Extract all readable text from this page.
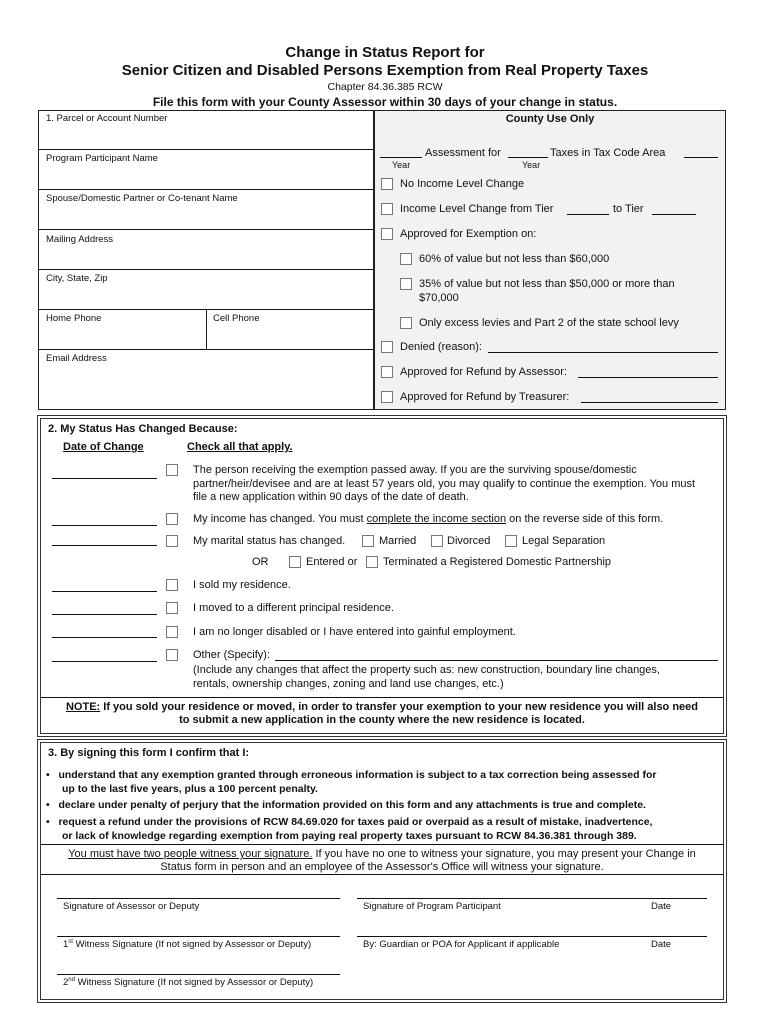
Change in Status Report for
Senior Citizen and Disabled Persons Exemption from Real Property Taxes
Chapter 84.36.385 RCW
File this form with your County Assessor within 30 days of your change in status.
1. Parcel or Account Number
Program Participant Name
Spouse/Domestic Partner or Co-tenant Name
Mailing Address
City, State, Zip
Home Phone	Cell Phone
Email Address
County Use Only
Assessment for	Taxes in Tax Code Area
Year	Year
No Income Level Change
Income Level Change from Tier	to Tier
Approved for Exemption on:
60% of value but not less than $60,000
35% of value but not less than $50,000 or more than
$70,000
Only excess levies and Part 2 of the state school levy
Denied (reason):
Approved for Refund by Assessor:
Approved for Refund by Treasurer:
2. My Status Has Changed Because:
Date of Change	Check all that apply.
The person receiving the exemption passed away. If you are the surviving spouse/domestic
partner/heir/devisee and are at least 57 years old, you may qualify to continue the exemption. You must
file a new application within 90 days of the date of death.
My income has changed. You must complete the income section on the reverse side of this form.
My marital status has changed.	Married	Divorced	Legal Separation
OR	Entered or Terminated a Registered Domestic Partnership
I sold my residence.
I moved to a different principal residence.
I am no longer disabled or I have entered into gainful employment.
Other (Specify):
(Include any changes that affect the property such as: new construction, boundary line changes,
rentals, ownership changes, zoning and land use changes, etc.)
NOTE: If you sold your residence or moved, in order to transfer your exemption to your new residence you will also need
to submit a new application in the county where the new residence is located.
3. By signing this form I confirm that I:
•   understand that any exemption granted through erroneous information is subject to a tax correction being assessed for
up to the last five years, plus a 100 percent penalty.
•   declare under penalty of perjury that the information provided on this form and any attachments is true and complete.
•   request a refund under the provisions of RCW 84.69.020 for taxes paid or overpaid as a result of mistake, inadvertence,
or lack of knowledge regarding exemption from paying real property taxes pursuant to RCW 84.36.381 through 389.
You must have two people witness your signature. If you have no one to witness your signature, you may present your Change in
Status form in person and an employee of the Assessor's Office will witness your signature.
Signature of Assessor or Deputy	Signature of Program Participant	Date
1st Witness Signature (If not signed by Assessor or Deputy)	By: Guardian or POA for Applicant if applicable	Date
2nd Witness Signature (If not signed by Assessor or Deputy)
